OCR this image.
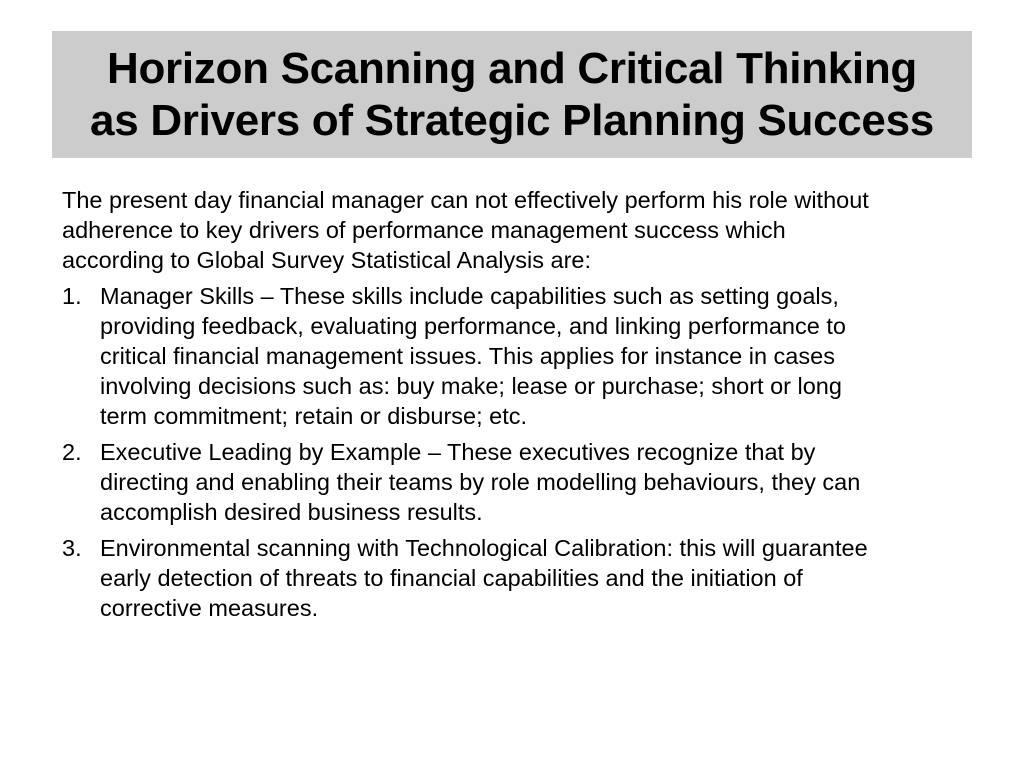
Horizon Scanning and Critical Thinking
as Drivers of Strategic Planning Success

The present day financial manager can not effectively perform his role without
adherence to key drivers of performance management success which
according to Global Survey Statistical Analysis are:

1. Manager Skills – These skills include capabilities such as setting goals,
providing feedback, evaluating performance, and linking performance to
critical financial management issues. This applies for instance in cases
involving decisions such as: buy make; lease or purchase; short or long
term commitment; retain or disburse; etc.
2. Executive Leading by Example – These executives recognize that by
directing and enabling their teams by role modelling behaviours, they can
accomplish desired business results.
3. Environmental scanning with Technological Calibration: this will guarantee
early detection of threats to financial capabilities and the initiation of
corrective measures.
